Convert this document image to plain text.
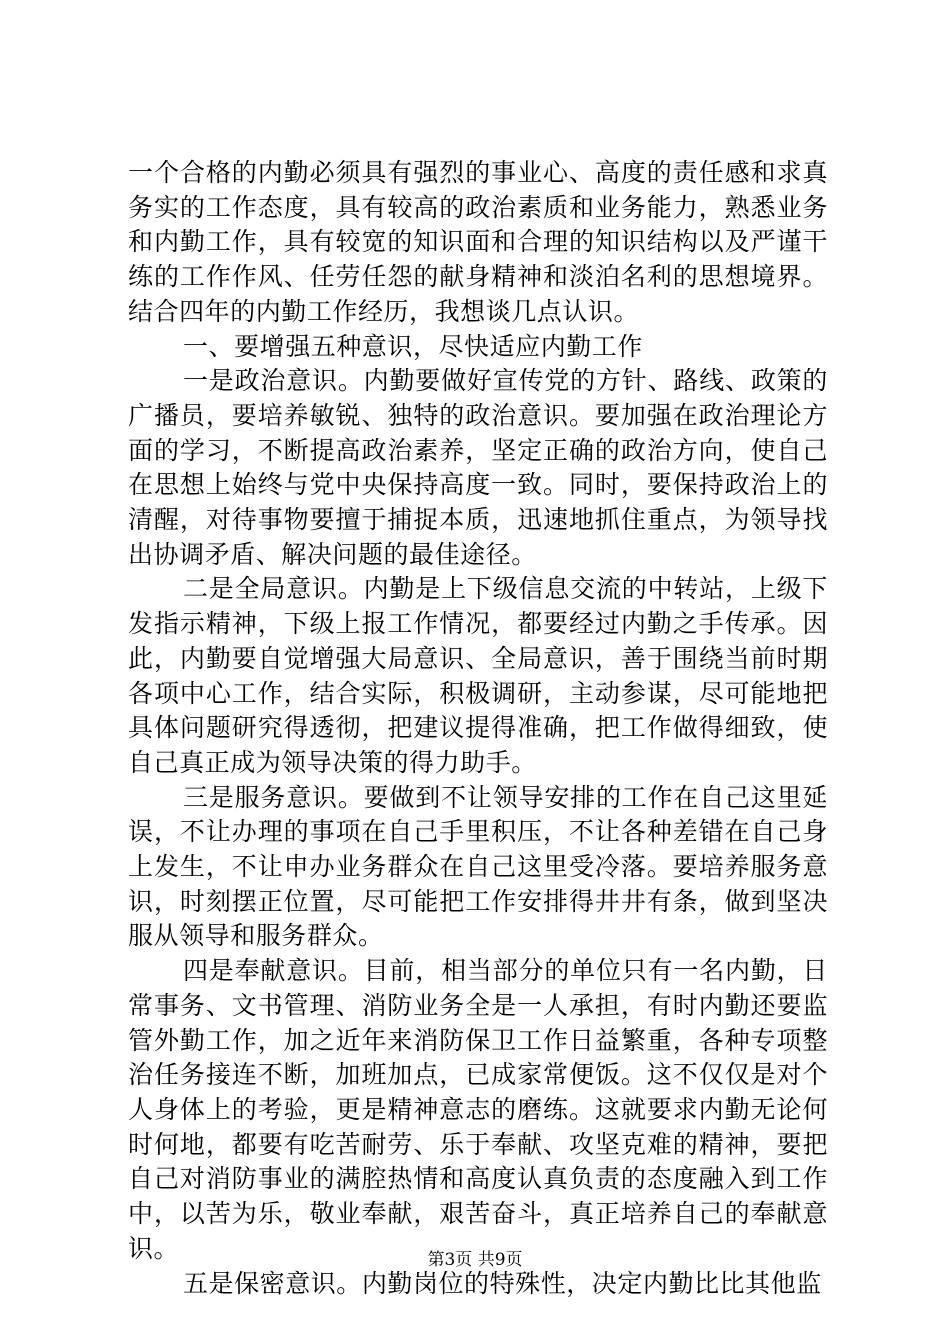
一个合格的内勤必须具有强烈的事业心、高度的责任感和求真务实的工作态度，具有较高的政治素质和业务能力，熟悉业务和内勤工作，具有较宽的知识面和合理的知识结构以及严谨干练的工作作风、任劳任怨的献身精神和淡泊名利的思想境界。结合四年的内勤工作经历，我想谈几点认识。

一、要增强五种意识，尽快适应内勤工作

一是政治意识。内勤要做好宣传党的方针、路线、政策的广播员，要培养敏锐、独特的政治意识。要加强在政治理论方面的学习，不断提高政治素养，坚定正确的政治方向，使自己在思想上始终与党中央保持高度一致。同时，要保持政治上的清醒，对待事物要擅于捕捉本质，迅速地抓住重点，为领导找出协调矛盾、解决问题的最佳途径。

二是全局意识。内勤是上下级信息交流的中转站，上级下发指示精神，下级上报工作情况，都要经过内勤之手传承。因此，内勤要自觉增强大局意识、全局意识，善于围绕当前时期各项中心工作，结合实际，积极调研，主动参谋，尽可能地把具体问题研究得透彻，把建议提得准确，把工作做得细致，使自己真正成为领导决策的得力助手。

三是服务意识。要做到不让领导安排的工作在自己这里延误，不让办理的事项在自己手里积压，不让各种差错在自己身上发生，不让申办业务群众在自己这里受冷落。要培养服务意识，时刻摆正位置，尽可能把工作安排得井井有条，做到坚决服从领导和服务群众。

四是奉献意识。目前，相当部分的单位只有一名内勤，日常事务、文书管理、消防业务全是一人承担，有时内勤还要监管外勤工作，加之近年来消防保卫工作日益繁重，各种专项整治任务接连不断，加班加点，已成家常便饭。这不仅仅是对个人身体上的考验，更是精神意志的磨练。这就要求内勤无论何时何地，都要有吃苦耐劳、乐于奉献、攻坚克难的精神，要把自己对消防事业的满腔热情和高度认真负责的态度融入到工作中，以苦为乐，敬业奉献，艰苦奋斗，真正培养自己的奉献意识。

五是保密意识。内勤岗位的特殊性，决定内勤比比其他监

第3页 共9页
